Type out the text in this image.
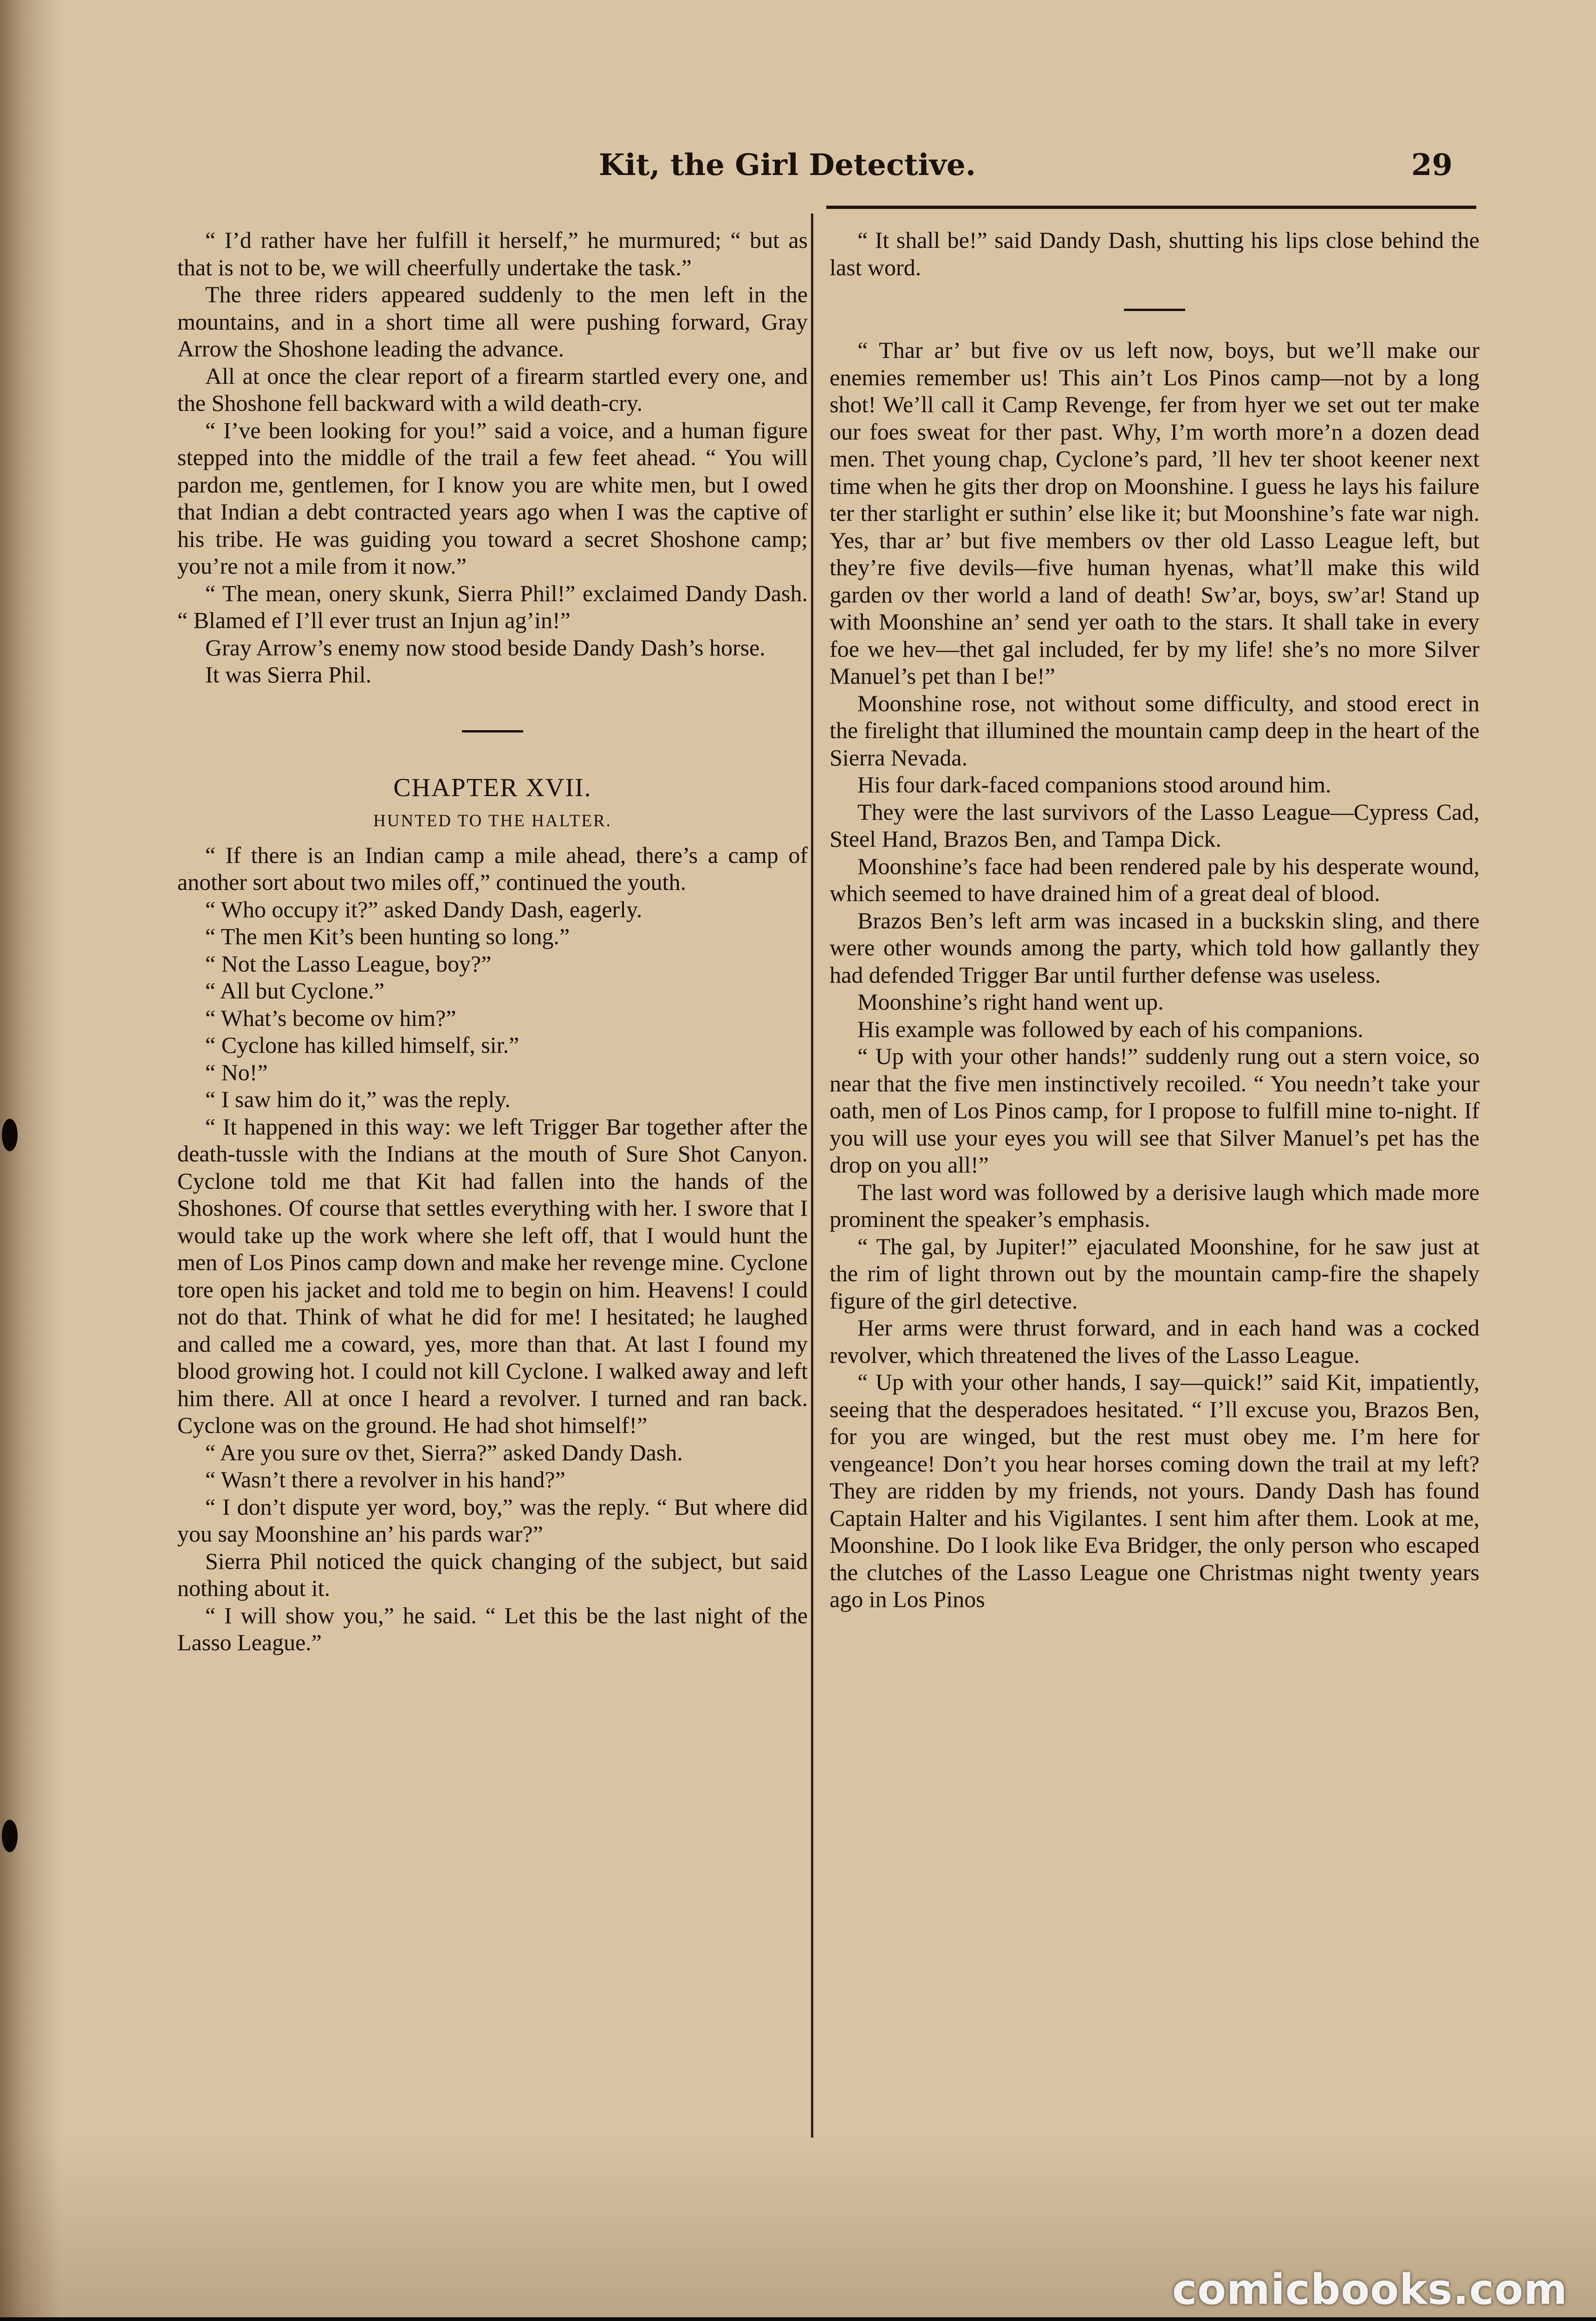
Kit, the Girl Detective.	29

“ I’d rather have her fulfill it herself,” he murmured; “ but as that is not to be, we will cheerfully undertake the task.”

The three riders appeared suddenly to the men left in the mountains, and in a short time all were pushing forward, Gray Arrow the Shoshone leading the advance.

All at once the clear report of a firearm startled every one, and the Shoshone fell backward with a wild death-cry.

“ I’ve been looking for you!” said a voice, and a human figure stepped into the middle of the trail a few feet ahead. “ You will pardon me, gentlemen, for I know you are white men, but I owed that Indian a debt contracted years ago when I was the captive of his tribe. He was guiding you toward a secret Shoshone camp; you’re not a mile from it now.”

“ The mean, onery skunk, Sierra Phil!” exclaimed Dandy Dash. “ Blamed ef I’ll ever trust an Injun ag’in!”

Gray Arrow’s enemy now stood beside Dandy Dash’s horse.

It was Sierra Phil.

CHAPTER XVII.
HUNTED TO THE HALTER.

“ If there is an Indian camp a mile ahead, there’s a camp of another sort about two miles off,” continued the youth.

“ Who occupy it?” asked Dandy Dash, eagerly.

“ The men Kit’s been hunting so long.”

“ Not the Lasso League, boy?”

“ All but Cyclone.”

“ What’s become ov him?”

“ Cyclone has killed himself, sir.”

“ No!”

“ I saw him do it,” was the reply.

“ It happened in this way: we left Trigger Bar together after the death-tussle with the Indians at the mouth of Sure Shot Canyon. Cyclone told me that Kit had fallen into the hands of the Shoshones. Of course that settles everything with her. I swore that I would take up the work where she left off, that I would hunt the men of Los Pinos camp down and make her revenge mine. Cyclone tore open his jacket and told me to begin on him. Heavens! I could not do that. Think of what he did for me! I hesitated; he laughed and called me a coward, yes, more than that. At last I found my blood growing hot. I could not kill Cyclone. I walked away and left him there. All at once I heard a revolver. I turned and ran back. Cyclone was on the ground. He had shot himself!”

“ Are you sure ov thet, Sierra?” asked Dandy Dash.

“ Wasn’t there a revolver in his hand?”

“ I don’t dispute yer word, boy,” was the reply. “ But where did you say Moonshine an’ his pards war?”

Sierra Phil noticed the quick changing of the subject, but said nothing about it.

“ I will show you,” he said. “ Let this be the last night of the Lasso League.”

“ It shall be!” said Dandy Dash, shutting his lips close behind the last word.

“ Thar ar’ but five ov us left now, boys, but we’ll make our enemies remember us! This ain’t Los Pinos camp—not by a long shot! We’ll call it Camp Revenge, fer from hyer we set out ter make our foes sweat for ther past. Why, I’m worth more’n a dozen dead men. Thet young chap, Cyclone’s pard, ’ll hev ter shoot keener next time when he gits ther drop on Moonshine. I guess he lays his failure ter ther starlight er suthin’ else like it; but Moonshine’s fate war nigh. Yes, thar ar’ but five members ov ther old Lasso League left, but they’re five devils—five human hyenas, what’ll make this wild garden ov ther world a land of death! Sw’ar, boys, sw’ar! Stand up with Moonshine an’ send yer oath to the stars. It shall take in every foe we hev—thet gal included, fer by my life! she’s no more Silver Manuel’s pet than I be!”

Moonshine rose, not without some difficulty, and stood erect in the firelight that illumined the mountain camp deep in the heart of the Sierra Nevada.

His four dark-faced companions stood around him.

They were the last survivors of the Lasso League—Cypress Cad, Steel Hand, Brazos Ben, and Tampa Dick.

Moonshine’s face had been rendered pale by his desperate wound, which seemed to have drained him of a great deal of blood.

Brazos Ben’s left arm was incased in a buckskin sling, and there were other wounds among the party, which told how gallantly they had defended Trigger Bar until further defense was useless.

Moonshine’s right hand went up.

His example was followed by each of his companions.

“ Up with your other hands!” suddenly rung out a stern voice, so near that the five men instinctively recoiled. “ You needn’t take your oath, men of Los Pinos camp, for I propose to fulfill mine to-night. If you will use your eyes you will see that Silver Manuel’s pet has the drop on you all!”

The last word was followed by a derisive laugh which made more prominent the speaker’s emphasis.

“ The gal, by Jupiter!” ejaculated Moonshine, for he saw just at the rim of light thrown out by the mountain camp-fire the shapely figure of the girl detective.

Her arms were thrust forward, and in each hand was a cocked revolver, which threatened the lives of the Lasso League.

“ Up with your other hands, I say—quick!” said Kit, impatiently, seeing that the desperadoes hesitated. “ I’ll excuse you, Brazos Ben, for you are winged, but the rest must obey me. I’m here for vengeance! Don’t you hear horses coming down the trail at my left? They are ridden by my friends, not yours. Dandy Dash has found Captain Halter and his Vigilantes. I sent him after them. Look at me, Moonshine. Do I look like Eva Bridger, the only person who escaped the clutches of the Lasso League one Christmas night twenty years ago in Los Pinos

comicbooks.com
